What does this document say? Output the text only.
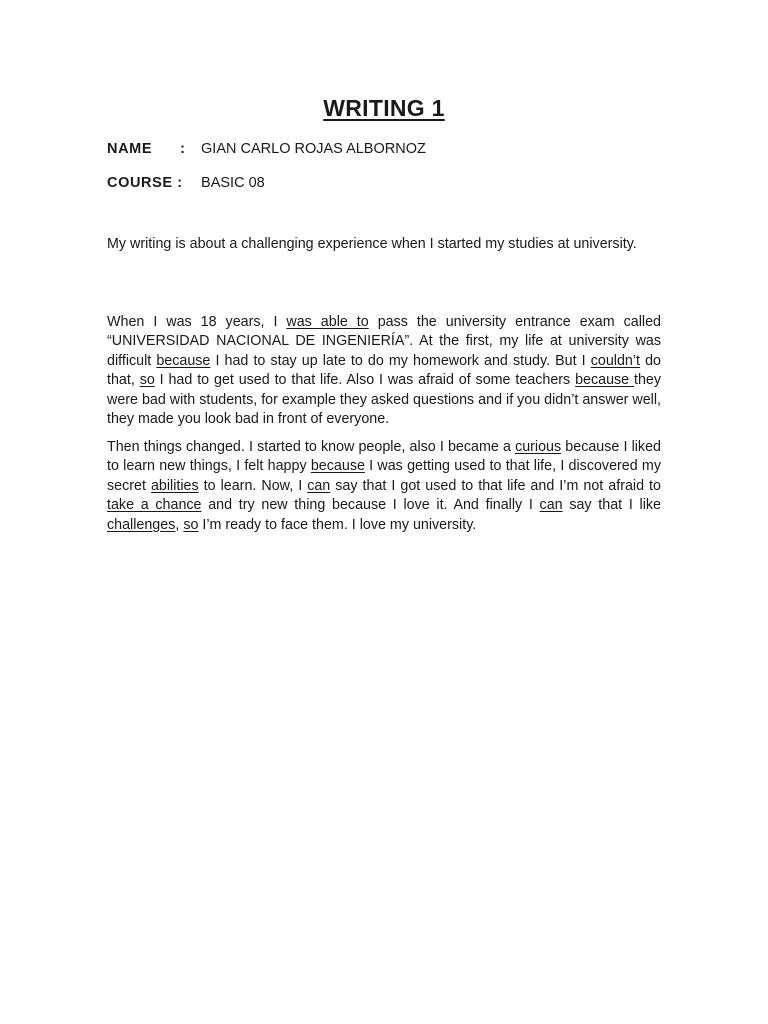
WRITING 1
NAME : GIAN CARLO ROJAS ALBORNOZ
COURSE : BASIC 08

My writing is about a challenging experience when I started my studies at university.

When I was 18 years, I was able to pass the university entrance exam called “UNIVERSIDAD NACIONAL DE INGENIERÍA”. At the first, my life at university was difficult because I had to stay up late to do my homework and study. But I couldn’t do that, so I had to get used to that life. Also I was afraid of some teachers because they were bad with students, for example they asked questions and if you didn’t answer well, they made you look bad in front of everyone.

Then things changed. I started to know people, also I became a curious because I liked to learn new things, I felt happy because I was getting used to that life, I discovered my secret abilities to learn. Now, I can say that I got used to that life and I’m not afraid to take a chance and try new thing because I love it. And finally I can say that I like challenges, so I’m ready to face them. I love my university.
